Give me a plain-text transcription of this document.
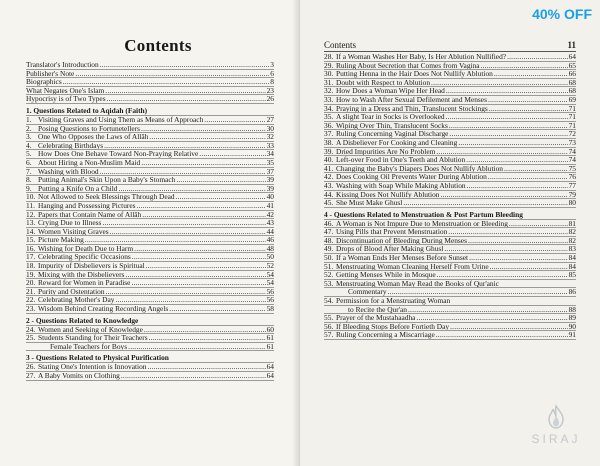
Contents
Translator's Introduction .....	3
Publisher's Note .....	6
Biographics .....	8
What Negates One's Islam .....	23
Hypocrisy is of Two Types .....	26
1. Questions Related to Aqidah (Faith)
1. Visiting Graves and Using Them as Means of Approach .....	27
2. Posing Questions to Fortunetellers .....	30
3. One Who Opposes the Laws of Allāh .....	32
4. Celebrating Birthdays .....	33
5. How Does One Behave Toward Non-Praying Relative .....	34
6. About Hiring a Non-Muslim Maid .....	35
7. Washing with Blood .....	37
8. Putting Animal's Skin Upon a Baby's Stomach .....	39
9. Putting a Knife On a Child .....	39
10. Not Allowed to Seek Blessings Through Dead .....	40
11. Hanging and Possessing Pictures .....	41
12. Papers that Contain Name of Allāh .....	42
13. Crying Due to Illness .....	43
14. Women Visiting Graves .....	44
15. Picture Making .....	46
16. Wishing for Death Due to Harm .....	48
17. Celebrating Specific Occasions .....	50
18. Impurity of Disbelievers is Spiritual .....	52
19. Mixing with the Disbelievers .....	54
20. Reward for Women in Paradise .....	54
21. Purity and Ostentation .....	56
22. Celebrating Mother's Day .....	56
23. Wisdom Behind Creating Recording Angels .....	58
2 - Questions Related to Knowledge
24. Women and Seeking of Knowledge .....	60
25. Students Standing for Their Teachers .....	61
Female Teachers for Boys .....	61
3 - Questions Related to Physical Purification
26. Stating One's Intention is Innovation .....	64
27. A Baby Vomits on Clothing .....	64
Contents	11
28. If a Woman Washes Her Baby, Is Her Ablution Nullified? .....	64
29. Ruling About Secretion that Comes from Vagina .....	65
30. Putting Henna in the Hair Does Not Nullify Ablution .....	66
31. Doubt with Respect to Ablution .....	68
32. How Does a Woman Wipe Her Head .....	68
33. How to Wash After Sexual Defilement and Menses .....	69
34. Praying in a Dress and Thin, Translucent Stockings .....	71
35. A slight Tear in Socks is Overlooked .....	71
36. Wiping Over Thin, Translucent Socks .....	71
37. Ruling Concerning Vaginal Discharge .....	72
38. A Disbeliever For Cooking and Cleaning .....	73
39. Dried Impurities Are No Problem .....	74
40. Left-over Food in One's Teeth and Ablution .....	74
41. Changing the Baby's Diapers Does Not Nullify Ablution .....	75
42. Does Cooking Oil Prevents Water During Ablution .....	76
43. Washing with Soap While Making Ablution .....	77
44. Kissing Does Not Nullify Ablution .....	79
45. She Must Make Ghusl .....	80
4 - Questions Related to Menstruation & Post Partum Bleeding
46. A Woman is Not Impure Due to Menstruation or Bleeding .....	81
47. Using Pills that Prevent Menstruation .....	82
48. Discontinuation of Bleeding During Menses .....	82
49. Drops of Blood After Making Ghusl .....	83
50. If a Woman Ends Her Menses Before Sunset .....	84
51. Menstruating Woman Cleaning Herself From Urine .....	84
52. Getting Menses While in Mosque .....	85
53. Menstruating Woman May Read the Books of Qur'anic
Commentary .....	86
54. Permission for a Menstruating Woman
to Recite the Qur'an .....	88
55. Prayer of the Mustahaadha .....	89
56. If Bleeding Stops Before Fortieth Day .....	90
57. Ruling Concerning a Miscarriage .....	91
40% OFF
SIRAJ
